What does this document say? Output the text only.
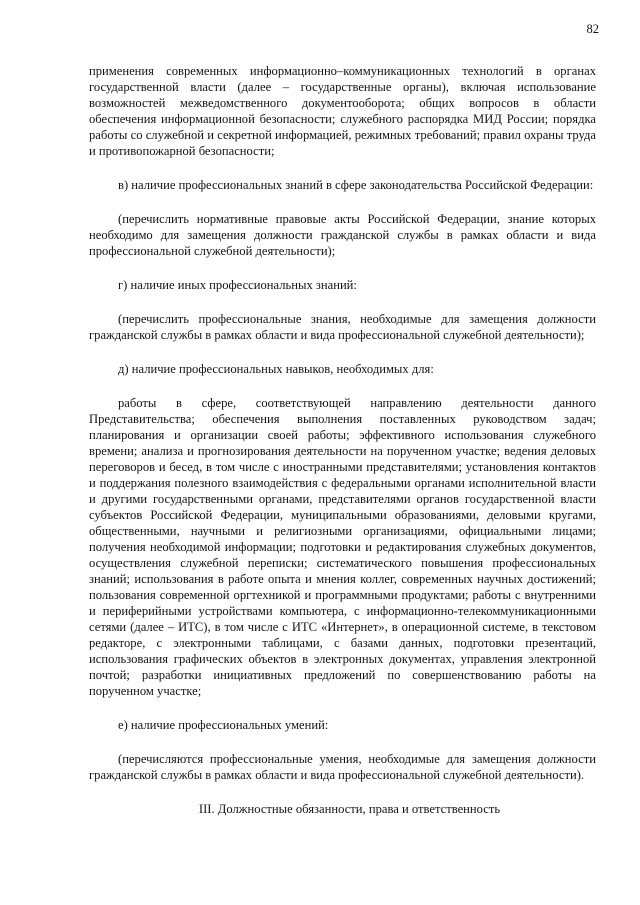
82

применения современных информационно–коммуникационных технологий в органах государственной власти (далее – государственные органы), включая использование возможностей межведомственного документооборота; общих вопросов в области обеспечения информационной безопасности; служебного распорядка МИД России; порядка работы со служебной и секретной информацией, режимных требований; правил охраны труда и противопожарной безопасности;

в) наличие профессиональных знаний в сфере законодательства Российской Федерации:

(перечислить нормативные правовые акты Российской Федерации, знание которых необходимо для замещения должности гражданской службы в рамках области и вида профессиональной служебной деятельности);

г) наличие иных профессиональных знаний:

(перечислить профессиональные знания, необходимые для замещения должности гражданской службы в рамках области и вида профессиональной служебной деятельности);

д) наличие профессиональных навыков, необходимых для:

работы в сфере, соответствующей направлению деятельности данного Представительства; обеспечения выполнения поставленных руководством задач; планирования и организации своей работы; эффективного использования служебного времени; анализа и прогнозирования деятельности на порученном участке; ведения деловых переговоров и бесед, в том числе с иностранными представителями; установления контактов и поддержания полезного взаимодействия с федеральными органами исполнительной власти и другими государственными органами, представителями органов государственной власти субъектов Российской Федерации, муниципальными образованиями, деловыми кругами, общественными, научными и религиозными организациями, официальными лицами; получения необходимой информации; подготовки и редактирования служебных документов, осуществления служебной переписки; систематического повышения профессиональных знаний; использования в работе опыта и мнения коллег, современных научных достижений; пользования современной оргтехникой и программными продуктами; работы с внутренними и периферийными устройствами компьютера, с информационно-телекоммуникационными сетями (далее – ИТС), в том числе с ИТС «Интернет», в операционной системе, в текстовом редакторе, с электронными таблицами, с базами данных, подготовки презентаций, использования графических объектов в электронных документах, управления электронной почтой; разработки инициативных предложений по совершенствованию работы на порученном участке;

е) наличие профессиональных умений:

(перечисляются профессиональные умения, необходимые для замещения должности гражданской службы в рамках области и вида профессиональной служебной деятельности).

III. Должностные обязанности, права и ответственность
